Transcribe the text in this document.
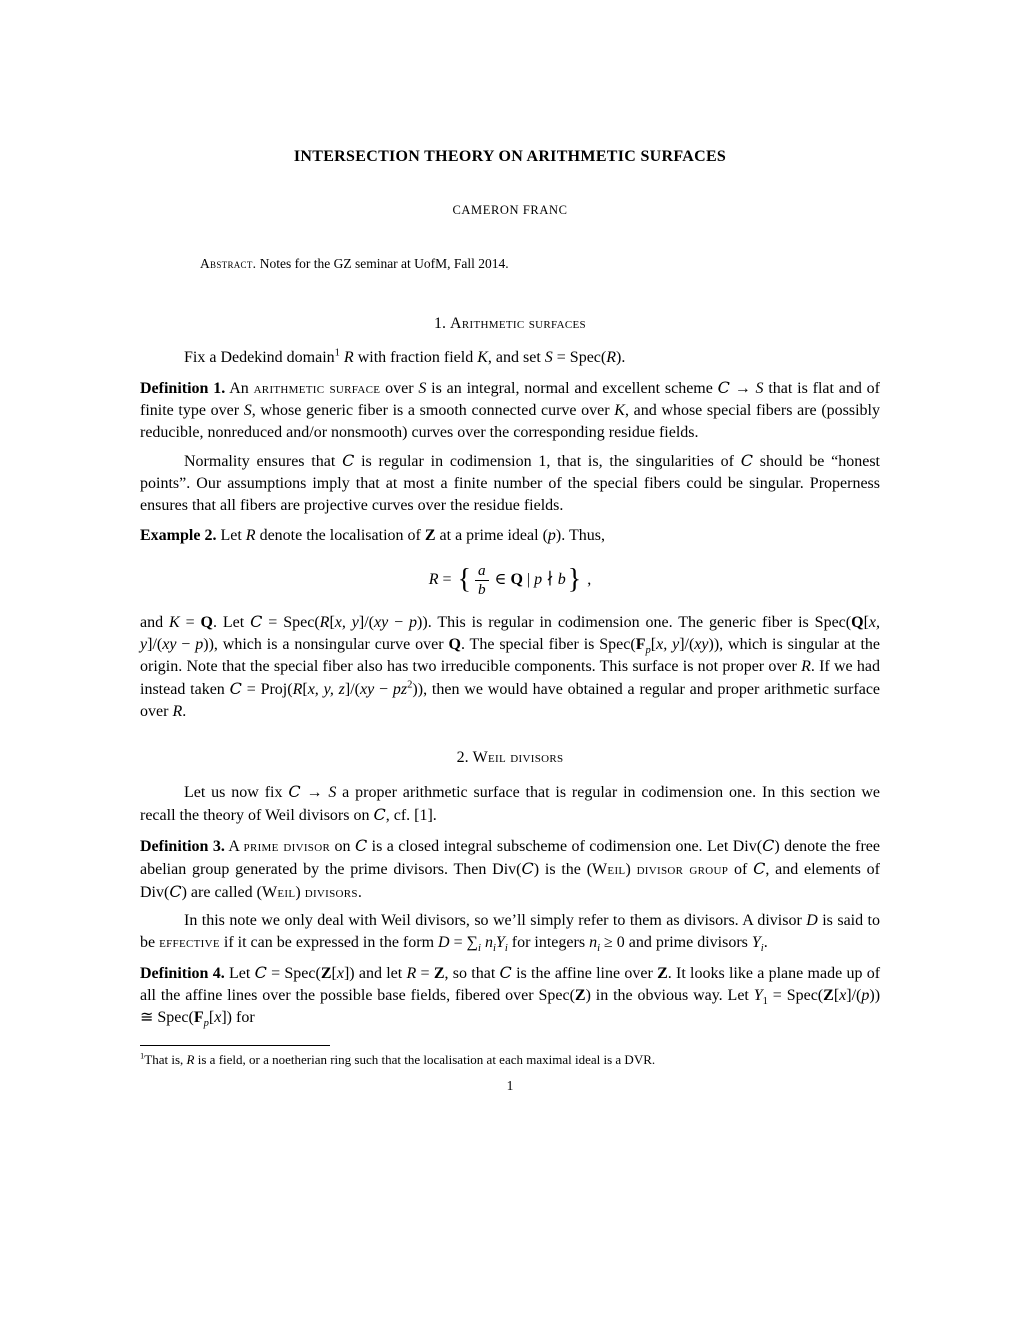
INTERSECTION THEORY ON ARITHMETIC SURFACES
CAMERON FRANC
Abstract. Notes for the GZ seminar at UofM, Fall 2014.

1. Arithmetic surfaces

Fix a Dedekind domain$^1$ R with fraction field K, and set S = Spec(R).

Definition 1. An arithmetic surface over S is an integral, normal and excellent scheme C → S that is flat and of finite type over S, whose generic fiber is a smooth connected curve over K, and whose special fibers are (possibly reducible, nonreduced and/or nonsmooth) curves over the corresponding residue fields.

Normality ensures that C is regular in codimension 1, that is, the singularities of C should be “honest points”. Our assumptions imply that at most a finite number of the special fibers could be singular. Properness ensures that all fibers are projective curves over the residue fields.

Example 2. Let R denote the localisation of Z at a prime ideal (p). Thus,

R = { $\frac{a}{b}$ ∈ Q | p ∤ b} ,

and K = Q. Let C = Spec(R[x, y]/(xy − p)). This is regular in codimension one. The generic fiber is Spec(Q[x, y]/(xy − p)), which is a nonsingular curve over Q. The special fiber is $Spec(F_p[x$, y]/(xy)), which is singular at the origin. Note that the special fiber also has two irreducible components. This surface is not proper over R. If we had instead taken C = Proj(R[x, y, $z]/(xy - pz^2)$), then we would have obtained a regular and proper arithmetic surface over R.

2. Weil divisors

Let us now fix C → S a proper arithmetic surface that is regular in codimension one. In this section we recall the theory of Weil divisors on C, cf. [1].

Definition 3. A prime divisor on C is a closed integral subscheme of codimension one. Let Div(C) denote the free abelian group generated by the prime divisors. Then Div(C) is the (Weil) divisor group of C, and elements of Div(C) are called (Weil) divisors.

In this note we only deal with Weil divisors, so we’ll simply refer to them as divisors. A divisor D is said to be effective if it can be expressed in the form $D = \sum_i$ $n_iY_i$ for integers $n_i \ge 0$ and prime divisors $Y_i$.

Definition 4. Let C = Spec(Z[x]) and let R = Z, so that C is the affine line over Z. It looks like a plane made up of all the affine lines over the possible base fields, fibered over Spec(Z) in the obvious way. Let $Y_1$ = Spec(Z[x]/(p)) ≅ $Spec(F_p[x])$ for

$^1$That is, R is a field, or a noetherian ring such that the localisation at each maximal ideal is a DVR.
1
